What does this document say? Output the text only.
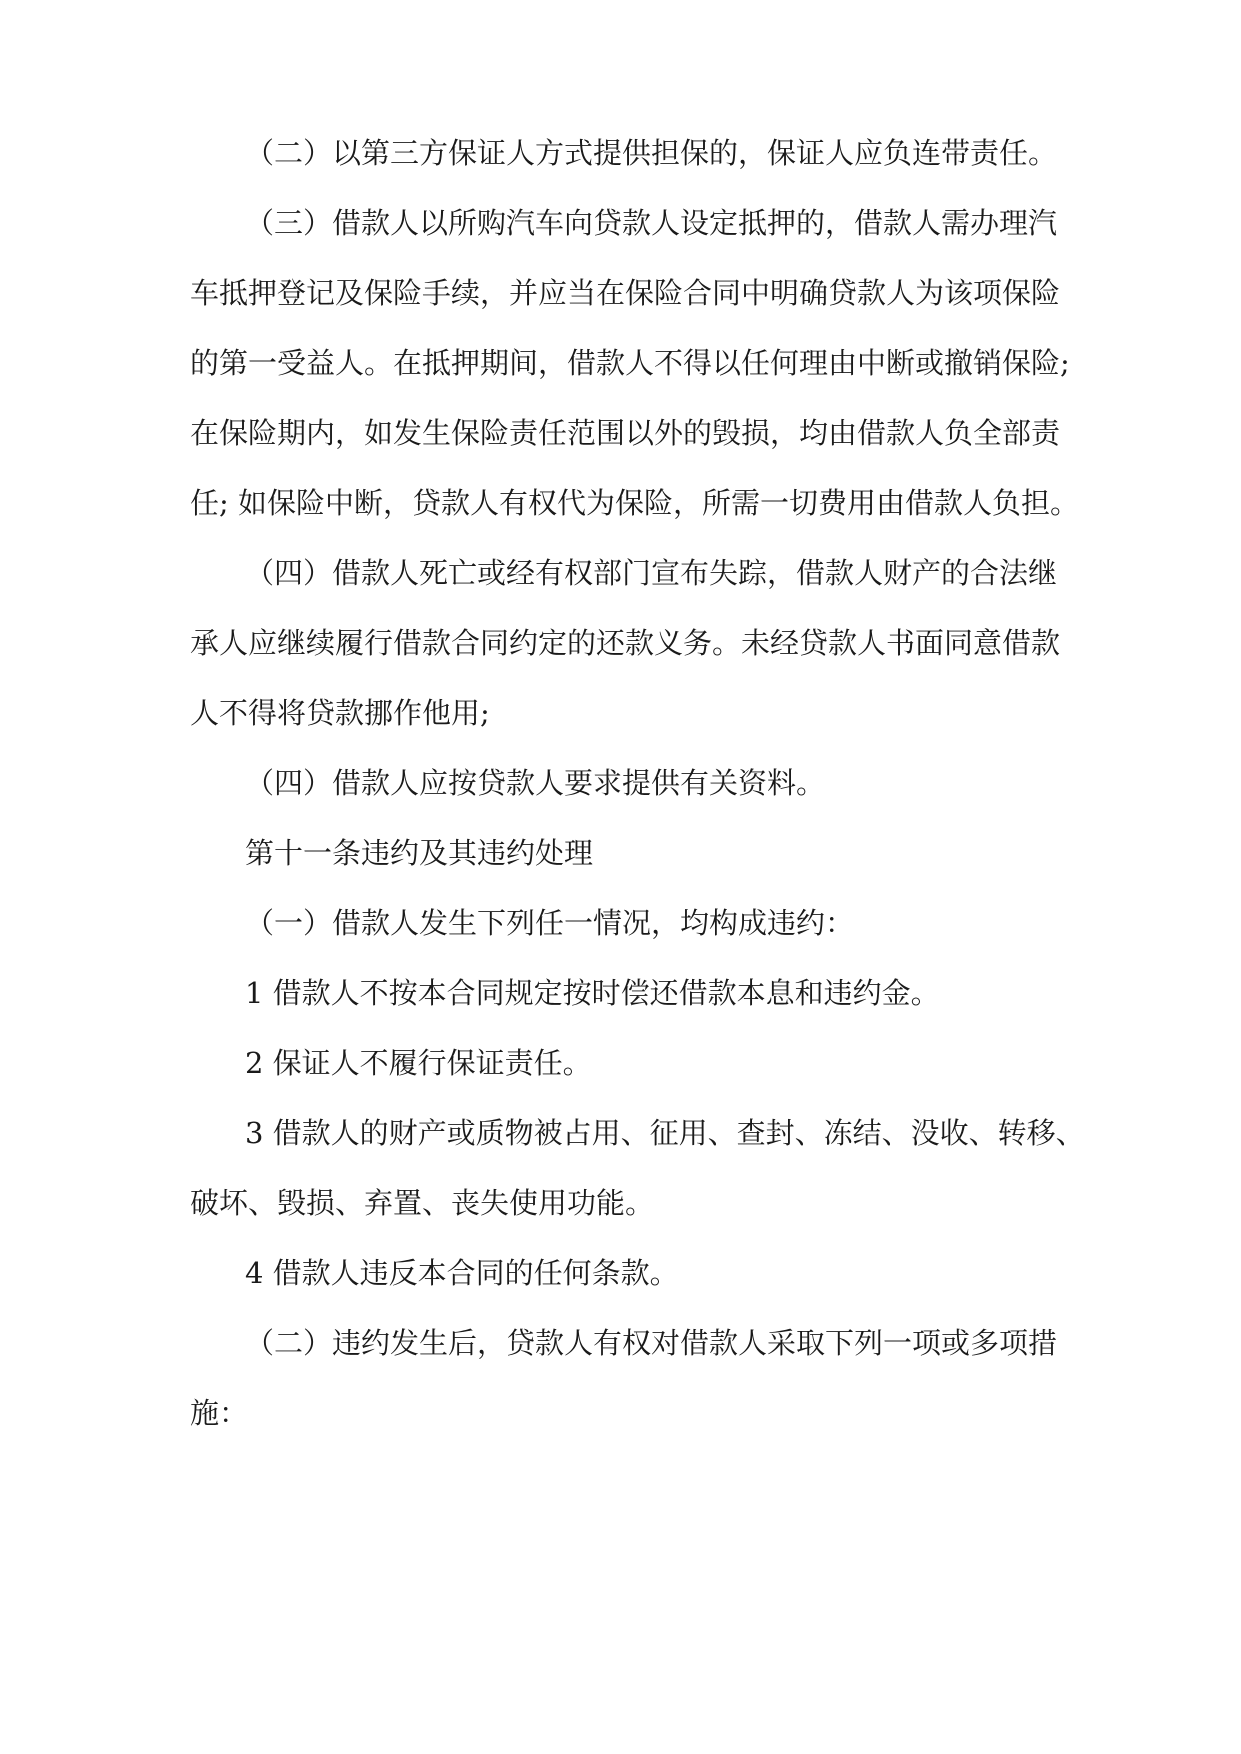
（二）以第三方保证人方式提供担保的，保证人应负连带责任。

（三）借款人以所购汽车向贷款人设定抵押的，借款人需办理汽

车抵押登记及保险手续，并应当在保险合同中明确贷款人为该项保险

的第一受益人。在抵押期间，借款人不得以任何理由中断或撤销保险;

在保险期内，如发生保险责任范围以外的毁损，均由借款人负全部责

任; 如保险中断，贷款人有权代为保险，所需一切费用由借款人负担。

（四）借款人死亡或经有权部门宣布失踪，借款人财产的合法继

承人应继续履行借款合同约定的还款义务。未经贷款人书面同意借款

人不得将贷款挪作他用;

（四）借款人应按贷款人要求提供有关资料。

第十一条违约及其违约处理

（一）借款人发生下列任一情况，均构成违约：

1 借款人不按本合同规定按时偿还借款本息和违约金。

2 保证人不履行保证责任。

3 借款人的财产或质物被占用、征用、查封、冻结、没收、转移、

破坏、毁损、弃置、丧失使用功能。

4 借款人违反本合同的任何条款。

（二）违约发生后，贷款人有权对借款人采取下列一项或多项措

施：
